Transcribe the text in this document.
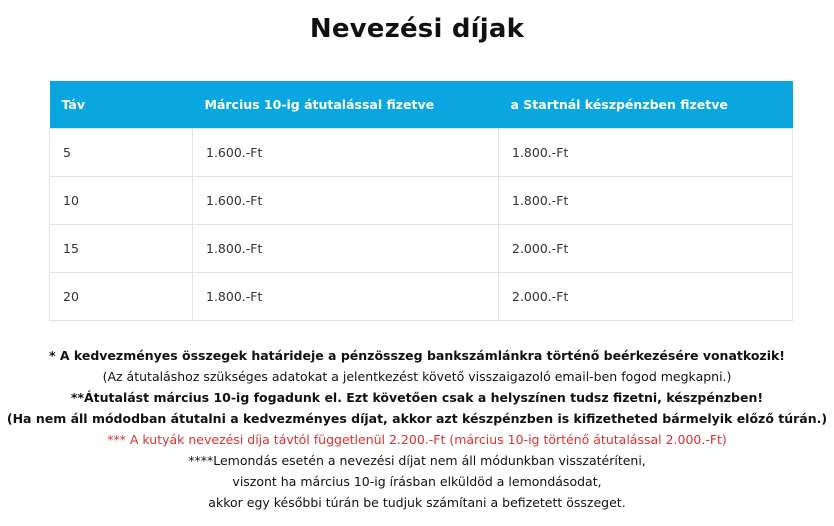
Nevezési díjak
Táv	Március 10-ig átutalással fizetve	a Startnál készpénzben fizetve
5	1.600.-Ft	1.800.-Ft
10	1.600.-Ft	1.800.-Ft
15	1.800.-Ft	2.000.-Ft
20	1.800.-Ft	2.000.-Ft
* A kedvezményes összegek határideje a pénzösszeg bankszámlánkra történő beérkezésére vonatkozik!
(Az átutaláshoz szükséges adatokat a jelentkezést követő visszaigazoló email-ben fogod megkapni.)
**Átutalást március 10-ig fogadunk el. Ezt követően csak a helyszínen tudsz fizetni, készpénzben!
(Ha nem áll módodban átutalni a kedvezményes díjat, akkor azt készpénzben is kifizetheted bármelyik előző túrán.)
*** A kutyák nevezési díja távtól függetlenül 2.200.-Ft (március 10-ig történő átutalással 2.000.-Ft)
****Lemondás esetén a nevezési díjat nem áll módunkban visszatéríteni,
viszont ha március 10-ig írásban elküldöd a lemondásodat,
akkor egy későbbi túrán be tudjuk számítani a befizetett összeget.
